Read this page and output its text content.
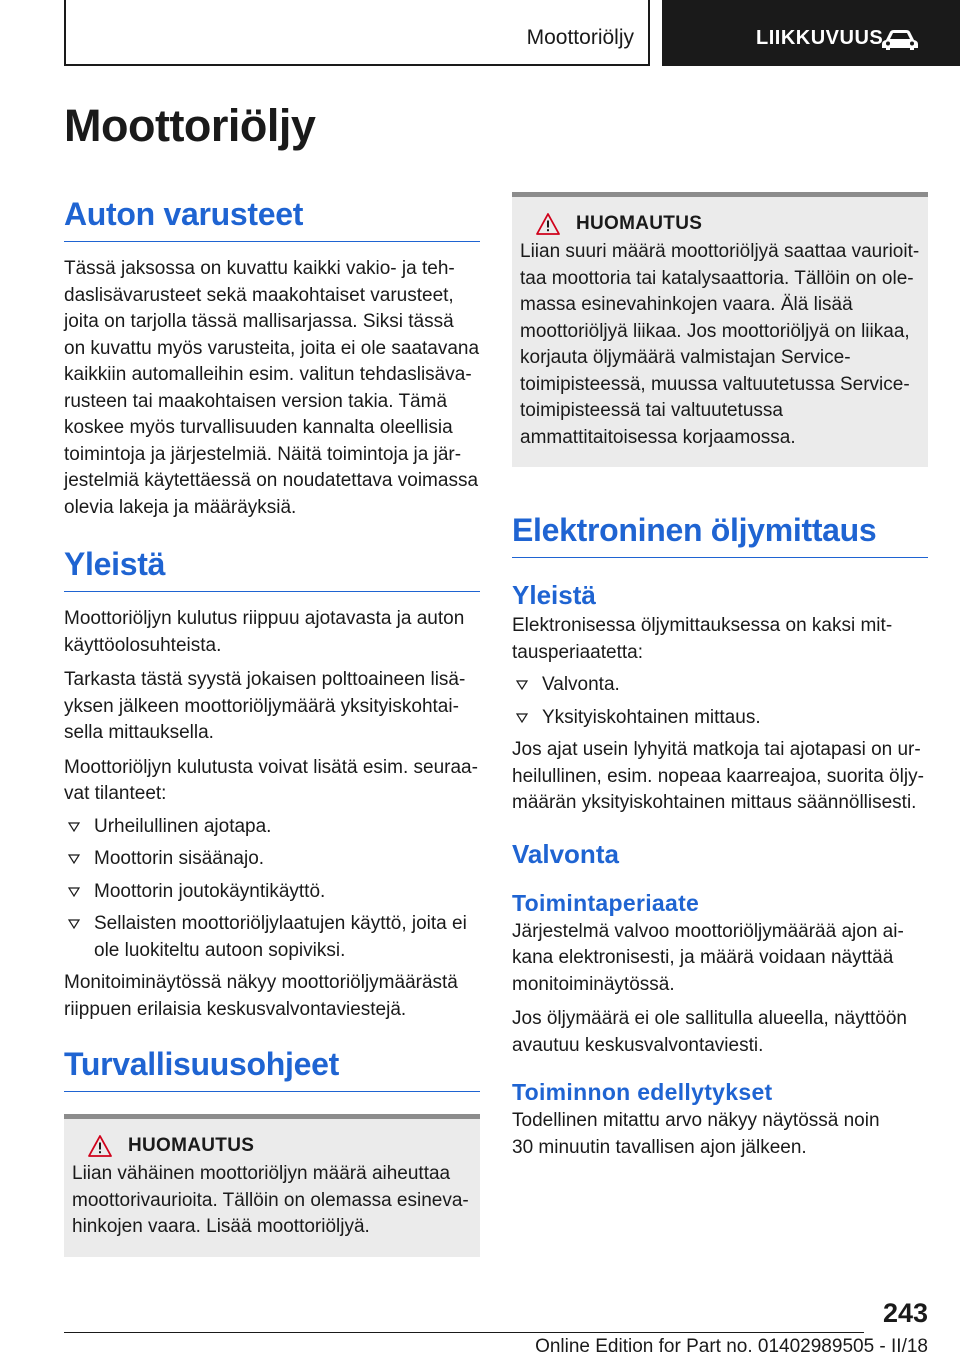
Moottoriöljy	LIIKKUVUUS
Moottoriöljy
Auton varusteet

Tässä jaksossa on kuvattu kaikki vakio- ja tehdaslisävarusteet sekä maakohtaiset varusteet, joita on tarjolla tässä mallisarjassa. Siksi tässä on kuvattu myös varusteita, joita ei ole saatavana kaikkiin automalleihin esim. valitun tehdaslisävarusteen tai maakohtaisen version takia. Tämä koskee myös turvallisuuden kannalta oleellisia toimintoja ja järjestelmiä. Näitä toimintoja ja järjestelmiä käytettäessä on noudatettava voimassa olevia lakeja ja määräyksiä.

Yleistä

Moottoriöljyn kulutus riippuu ajotavasta ja auton käyttöolosuhteista.

Tarkasta tästä syystä jokaisen polttoaineen lisäyksen jälkeen moottoriöljymäärä yksityiskohtaisella mittauksella.

Moottoriöljyn kulutusta voivat lisätä esim. seuraavat tilanteet:

Urheilullinen ajotapa.
Moottorin sisäänajo.
Moottorin joutokäyntikäyttö.
Sellaisten moottoriöljylaatujen käyttö, joita ei ole luokiteltu autoon sopiviksi.

Monitoiminäytössä näkyy moottoriöljymäärästä riippuen erilaisia keskusvalvontaviestejä.

Turvallisuusohjeet
HUOMAUTUS

Liian vähäinen moottoriöljyn määrä aiheuttaa moottorivaurioita. Tällöin on olemassa esinevahinkojen vaara. Lisää moottoriöljyä.

HUOMAUTUS

Liian suuri määrä moottoriöljyä saattaa vaurioittaa moottoria tai katalysaattoria. Tällöin on olemassa esinevahinkojen vaara. Älä lisää moottoriöljyä liikaa. Jos moottoriöljyä on liikaa, korjauta öljymäärä valmistajan Service-toimipisteessä, muussa valtuutetussa Service-toimipisteessä tai valtuutetussa ammattitaitoisessa korjaamossa.

Elektroninen öljymittaus
Yleistä

Elektronisessa öljymittauksessa on kaksi mittausperiaatetta:

Valvonta.
Yksityiskohtainen mittaus.

Jos ajat usein lyhyitä matkoja tai ajotapasi on urheilullinen, esim. nopeaa kaarreajoa, suorita öljymäärän yksityiskohtainen mittaus säännöllisesti.

Valvonta
Toimintaperiaate

Järjestelmä valvoo moottoriöljymäärää ajon aikana elektronisesti, ja määrä voidaan näyttää monitoiminäytössä.

Jos öljymäärä ei ole sallitulla alueella, näyttöön avautuu keskusvalvontaviesti.

Toiminnon edellytykset

Todellinen mitattu arvo näkyy näytössä noin 30 minuutin tavallisen ajon jälkeen.

243
Online Edition for Part no. 01402989505 - II/18
